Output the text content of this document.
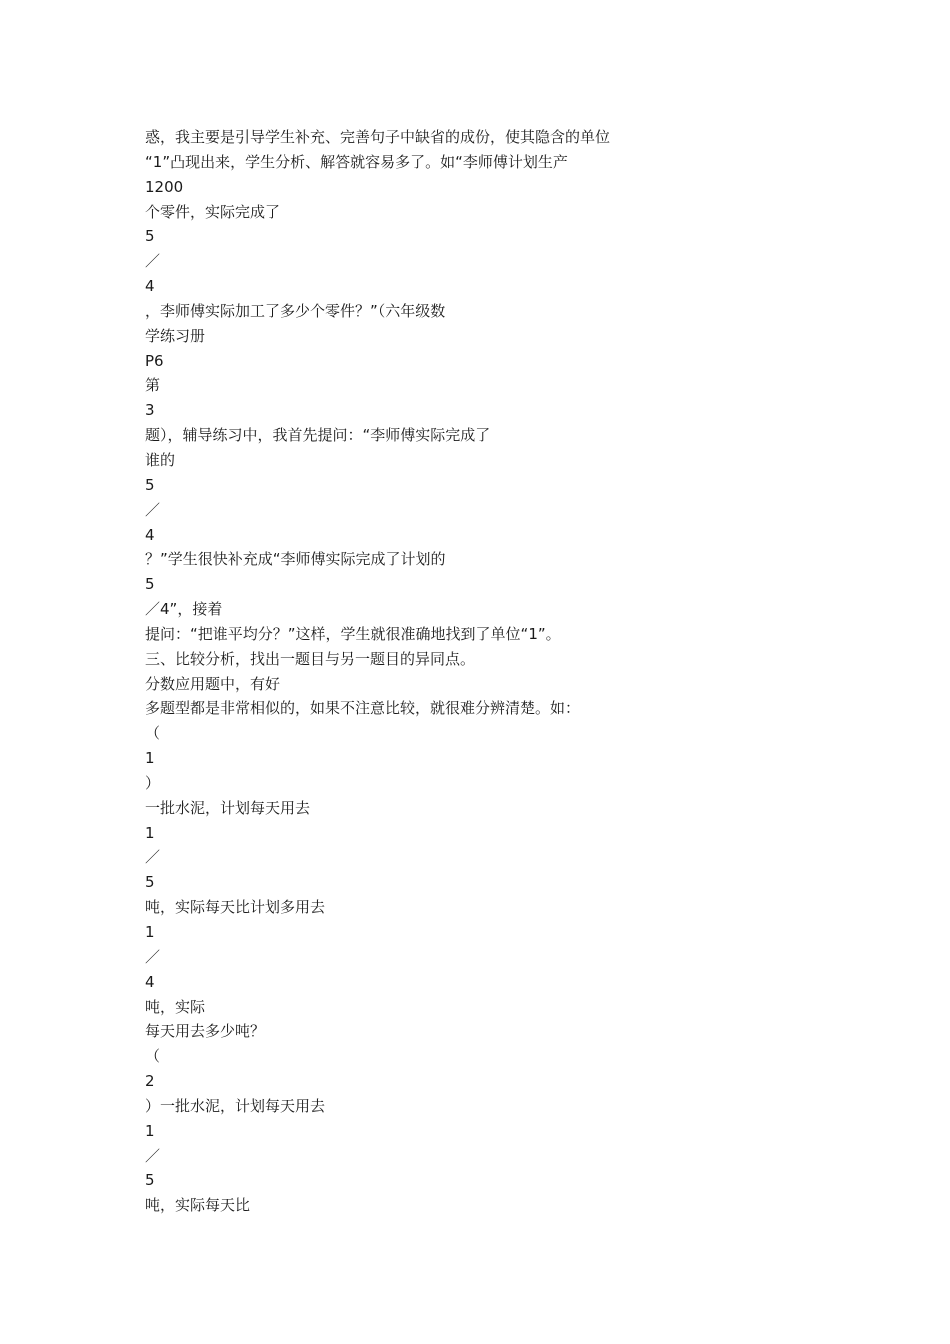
惑，我主要是引导学生补充、完善句子中缺省的成份，使其隐含的单位
“1”凸现出来，学生分析、解答就容易多了。如“李师傅计划生产
1200
个零件，实际完成了
5
／
4
，李师傅实际加工了多少个零件？”（六年级数
学练习册
P6
第
3
题），辅导练习中，我首先提问：“李师傅实际完成了
谁的
5
／
4
？”学生很快补充成“李师傅实际完成了计划的
5
／4”，接着
提问：“把谁平均分？”这样，学生就很准确地找到了单位“1”。
三、比较分析，找出一题目与另一题目的异同点。
分数应用题中，有好
多题型都是非常相似的，如果不注意比较，就很难分辨清楚。如：
（
1
）
一批水泥，计划每天用去
1
／
5
吨，实际每天比计划多用去
1
／
4
吨，实际
每天用去多少吨？
（
2
）一批水泥，计划每天用去
1
／
5
吨，实际每天比
